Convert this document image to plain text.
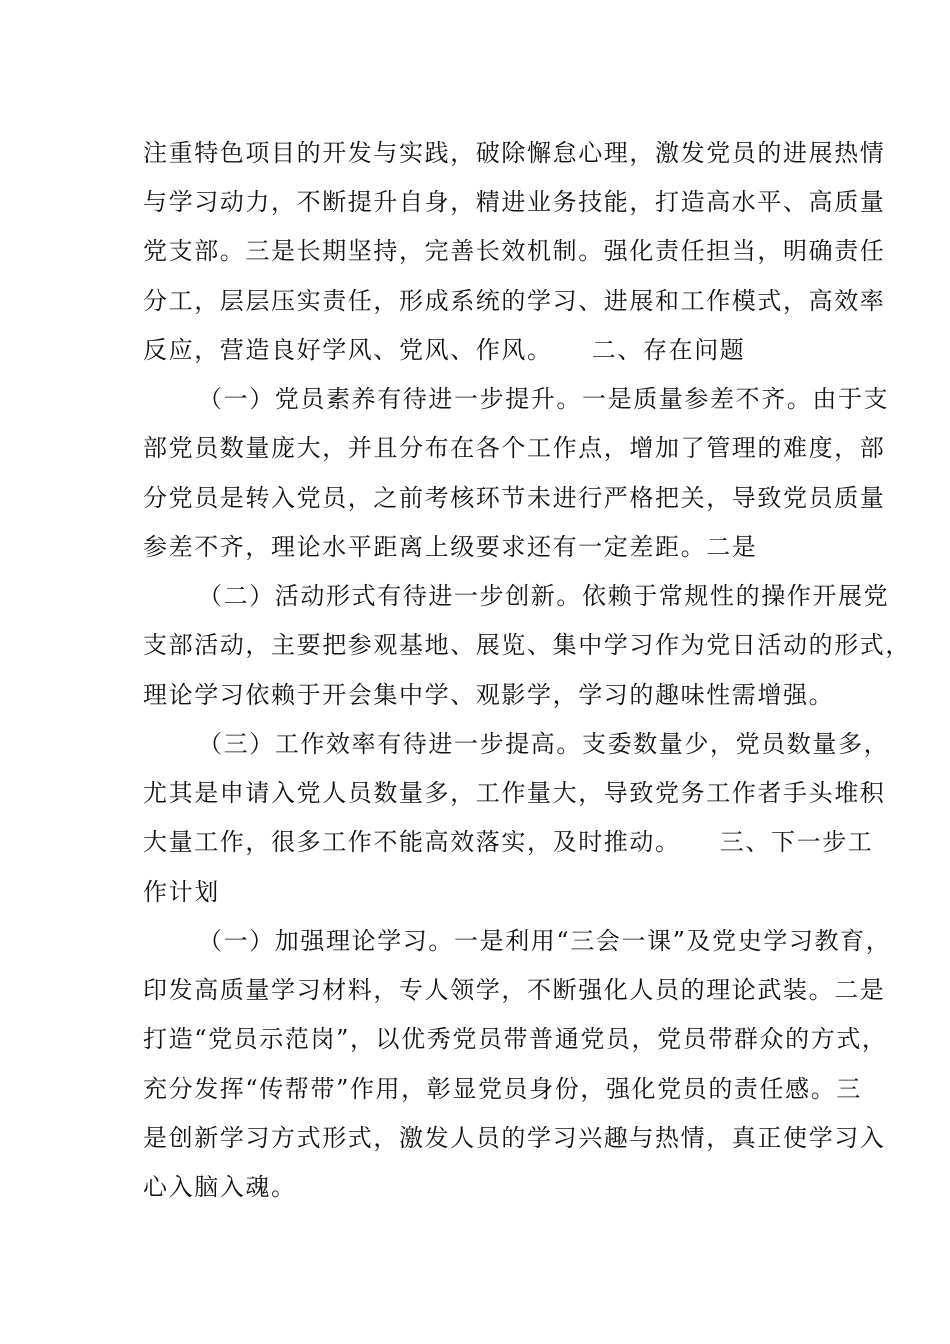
注重特色项目的开发与实践，破除懈怠心理，激发党员的进展热情
与学习动力，不断提升自身，精进业务技能，打造高水平、高质量
党支部。三是长期坚持，完善长效机制。强化责任担当，明确责任
分工，层层压实责任，形成系统的学习、进展和工作模式，高效率
反应，营造良好学风、党风、作风。　　二、存在问题
（一）党员素养有待进一步提升。一是质量参差不齐。由于支
部党员数量庞大，并且分布在各个工作点，增加了管理的难度，部
分党员是转入党员，之前考核环节未进行严格把关，导致党员质量
参差不齐，理论水平距离上级要求还有一定差距。二是
（二）活动形式有待进一步创新。依赖于常规性的操作开展党
支部活动，主要把参观基地、展览、集中学习作为党日活动的形式，
理论学习依赖于开会集中学、观影学，学习的趣味性需增强。
（三）工作效率有待进一步提高。支委数量少，党员数量多，
尤其是申请入党人员数量多，工作量大，导致党务工作者手头堆积
大量工作，很多工作不能高效落实，及时推动。　　三、下一步工
作计划
（一）加强理论学习。一是利用“三会一课”及党史学习教育，
印发高质量学习材料，专人领学，不断强化人员的理论武装。二是
打造“党员示范岗”，以优秀党员带普通党员，党员带群众的方式，
充分发挥“传帮带”作用，彰显党员身份，强化党员的责任感。三
是创新学习方式形式，激发人员的学习兴趣与热情，真正使学习入
心入脑入魂。
